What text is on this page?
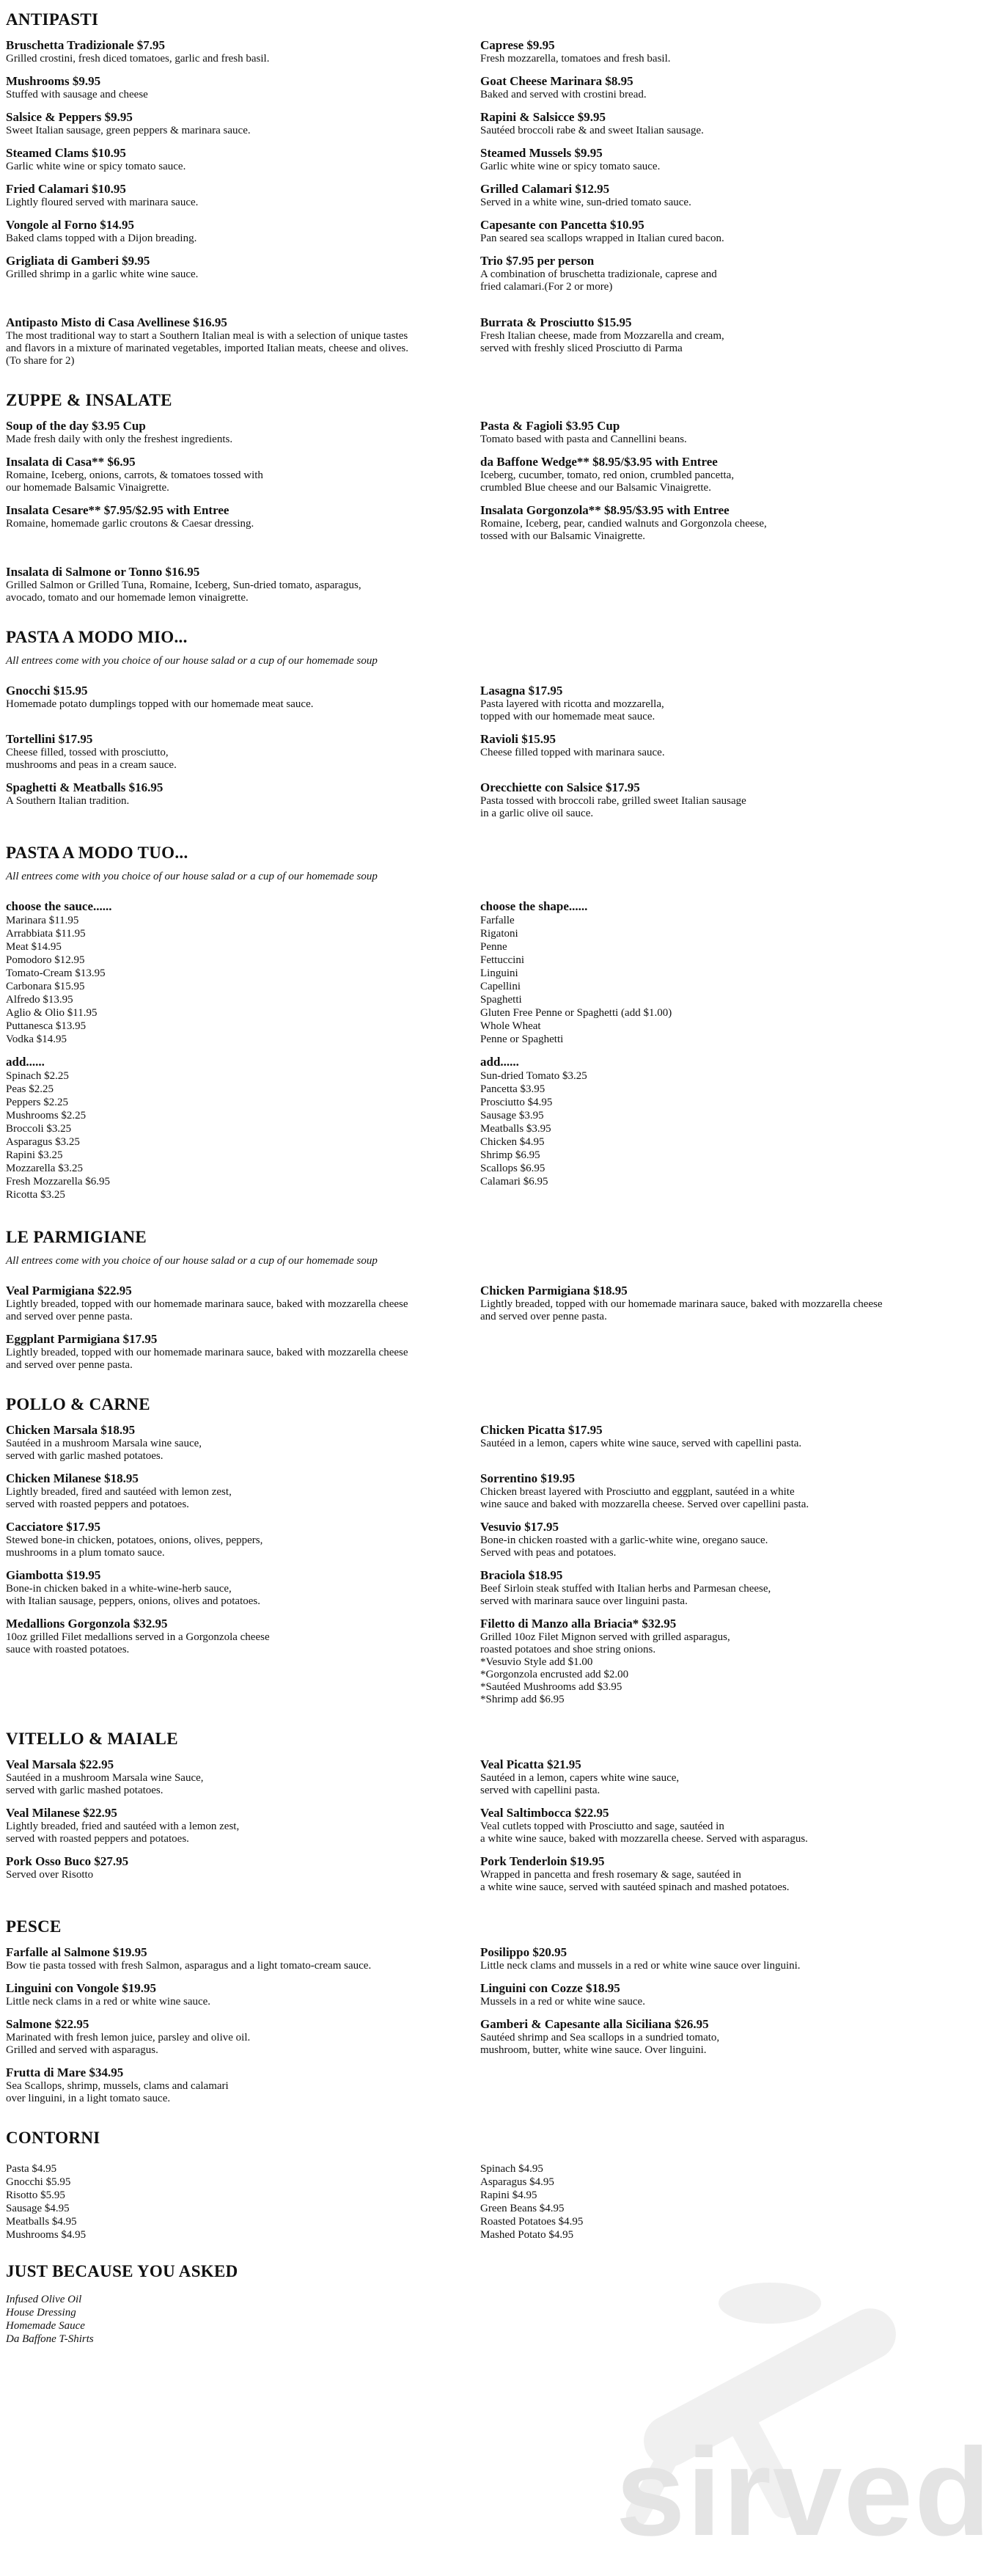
ANTIPASTI
Bruschetta Tradizionale $7.95
Grilled crostini, fresh diced tomatoes, garlic and fresh basil.
Caprese $9.95
Fresh mozzarella, tomatoes and fresh basil.
Mushrooms $9.95
Stuffed with sausage and cheese
Goat Cheese Marinara $8.95
Baked and served with crostini bread.
Salsice & Peppers $9.95
Sweet Italian sausage, green peppers & marinara sauce.
Rapini & Salsicce $9.95
Sautéed broccoli rabe & and sweet Italian sausage.
Steamed Clams $10.95
Garlic white wine or spicy tomato sauce.
Steamed Mussels $9.95
Garlic white wine or spicy tomato sauce.
Fried Calamari $10.95
Lightly floured served with marinara sauce.
Grilled Calamari $12.95
Served in a white wine, sun-dried tomato sauce.
Vongole al Forno $14.95
Baked clams topped with a Dijon breading.
Capesante con Pancetta $10.95
Pan seared sea scallops wrapped in Italian cured bacon.
Grigliata di Gamberi $9.95
Grilled shrimp in a garlic white wine sauce.
Trio $7.95 per person
A combination of bruschetta tradizionale, caprese and
fried calamari.(For 2 or more)
Antipasto Misto di Casa Avellinese $16.95
The most traditional way to start a Southern Italian meal is with a selection of unique tastes
and flavors in a mixture of marinated vegetables, imported Italian meats, cheese and olives.
(To share for 2)
Burrata & Prosciutto $15.95
Fresh Italian cheese, made from Mozzarella and cream,
served with freshly sliced Prosciutto di Parma
ZUPPE & INSALATE
Soup of the day $3.95 Cup
Made fresh daily with only the freshest ingredients.
Pasta & Fagioli $3.95 Cup
Tomato based with pasta and Cannellini beans.
Insalata di Casa** $6.95
Romaine, Iceberg, onions, carrots, & tomatoes tossed with
our homemade Balsamic Vinaigrette.
da Baffone Wedge** $8.95/$3.95 with Entree
Iceberg, cucumber, tomato, red onion, crumbled pancetta,
crumbled Blue cheese and our Balsamic Vinaigrette.
Insalata Cesare** $7.95/$2.95 with Entree
Romaine, homemade garlic croutons & Caesar dressing.
Insalata Gorgonzola** $8.95/$3.95 with Entree
Romaine, Iceberg, pear, candied walnuts and Gorgonzola cheese,
tossed with our Balsamic Vinaigrette.
Insalata di Salmone or Tonno $16.95
Grilled Salmon or Grilled Tuna, Romaine, Iceberg, Sun-dried tomato, asparagus,
avocado, tomato and our homemade lemon vinaigrette.
PASTA A MODO MIO...
All entrees come with you choice of our house salad or a cup of our homemade soup
Gnocchi $15.95
Homemade potato dumplings topped with our homemade meat sauce.
Lasagna $17.95
Pasta layered with ricotta and mozzarella,
topped with our homemade meat sauce.
Tortellini $17.95
Cheese filled, tossed with prosciutto,
mushrooms and peas in a cream sauce.
Ravioli $15.95
Cheese filled topped with marinara sauce.
Spaghetti & Meatballs $16.95
A Southern Italian tradition.
Orecchiette con Salsice $17.95
Pasta tossed with broccoli rabe, grilled sweet Italian sausage
in a garlic olive oil sauce.
PASTA A MODO TUO...
All entrees come with you choice of our house salad or a cup of our homemade soup
choose the sauce......
Marinara $11.95
Arrabbiata $11.95
Meat $14.95
Pomodoro $12.95
Tomato-Cream $13.95
Carbonara $15.95
Alfredo $13.95
Aglio & Olio $11.95
Puttanesca $13.95
Vodka $14.95
add......
Spinach $2.25
Peas $2.25
Peppers $2.25
Mushrooms $2.25
Broccoli $3.25
Asparagus $3.25
Rapini $3.25
Mozzarella $3.25
Fresh Mozzarella $6.95
Ricotta $3.25
choose the shape......
Farfalle
Rigatoni
Penne
Fettuccini
Linguini
Capellini
Spaghetti
Gluten Free Penne or Spaghetti (add $1.00)
Whole Wheat
Penne or Spaghetti
add......
Sun-dried Tomato $3.25
Pancetta $3.95
Prosciutto $4.95
Sausage $3.95
Meatballs $3.95
Chicken $4.95
Shrimp $6.95
Scallops $6.95
Calamari $6.95
LE PARMIGIANE
All entrees come with you choice of our house salad or a cup of our homemade soup
Veal Parmigiana $22.95
Lightly breaded, topped with our homemade marinara sauce, baked with mozzarella cheese
and served over penne pasta.
Chicken Parmigiana $18.95
Lightly breaded, topped with our homemade marinara sauce, baked with mozzarella cheese
and served over penne pasta.
Eggplant Parmigiana $17.95
Lightly breaded, topped with our homemade marinara sauce, baked with mozzarella cheese
and served over penne pasta.
POLLO & CARNE
Chicken Marsala $18.95
Sautéed in a mushroom Marsala wine sauce,
served with garlic mashed potatoes.
Chicken Picatta $17.95
Sautéed in a lemon, capers white wine sauce, served with capellini pasta.
Chicken Milanese $18.95
Lightly breaded, fired and sautéed with lemon zest,
served with roasted peppers and potatoes.
Sorrentino $19.95
Chicken breast layered with Prosciutto and eggplant, sautéed in a white
wine sauce and baked with mozzarella cheese. Served over capellini pasta.
Cacciatore $17.95
Stewed bone-in chicken, potatoes, onions, olives, peppers,
mushrooms in a plum tomato sauce.
Vesuvio $17.95
Bone-in chicken roasted with a garlic-white wine, oregano sauce.
Served with peas and potatoes.
Giambotta $19.95
Bone-in chicken baked in a white-wine-herb sauce,
with Italian sausage, peppers, onions, olives and potatoes.
Braciola $18.95
Beef Sirloin steak stuffed with Italian herbs and Parmesan cheese,
served with marinara sauce over linguini pasta.
Medallions Gorgonzola $32.95
10oz grilled Filet medallions served in a Gorgonzola cheese
sauce with roasted potatoes.
Filetto di Manzo alla Briacia* $32.95
Grilled 10oz Filet Mignon served with grilled asparagus,
roasted potatoes and shoe string onions.
*Vesuvio Style add $1.00
*Gorgonzola encrusted add $2.00
*Sautéed Mushrooms add $3.95
*Shrimp add $6.95
VITELLO & MAIALE
Veal Marsala $22.95
Sautéed in a mushroom Marsala wine Sauce,
served with garlic mashed potatoes.
Veal Picatta $21.95
Sautéed in a lemon, capers white wine sauce,
served with capellini pasta.
Veal Milanese $22.95
Lightly breaded, fried and sautéed with a lemon zest,
served with roasted peppers and potatoes.
Veal Saltimbocca $22.95
Veal cutlets topped with Prosciutto and sage, sautéed in
a white wine sauce, baked with mozzarella cheese. Served with asparagus.
Pork Osso Buco $27.95
Served over Risotto
Pork Tenderloin $19.95
Wrapped in pancetta and fresh rosemary & sage, sautéed in
a white wine sauce, served with sautéed spinach and mashed potatoes.
PESCE
Farfalle al Salmone $19.95
Bow tie pasta tossed with fresh Salmon, asparagus and a light tomato-cream sauce.
Posilippo $20.95
Little neck clams and mussels in a red or white wine sauce over linguini.
Linguini con Vongole $19.95
Little neck clams in a red or white wine sauce.
Linguini con Cozze $18.95
Mussels in a red or white wine sauce.
Salmone $22.95
Marinated with fresh lemon juice, parsley and olive oil.
Grilled and served with asparagus.
Gamberi & Capesante alla Siciliana $26.95
Sautéed shrimp and Sea scallops in a sundried tomato,
mushroom, butter, white wine sauce. Over linguini.
Frutta di Mare $34.95
Sea Scallops, shrimp, mussels, clams and calamari
over linguini, in a light tomato sauce.
CONTORNI
Pasta $4.95
Gnocchi $5.95
Risotto $5.95
Sausage $4.95
Meatballs $4.95
Mushrooms $4.95
Spinach $4.95
Asparagus $4.95
Rapini $4.95
Green Beans $4.95
Roasted Potatoes $4.95
Mashed Potato $4.95
JUST BECAUSE YOU ASKED
Infused Olive Oil
House Dressing
Homemade Sauce
Da Baffone T-Shirts
sirved
